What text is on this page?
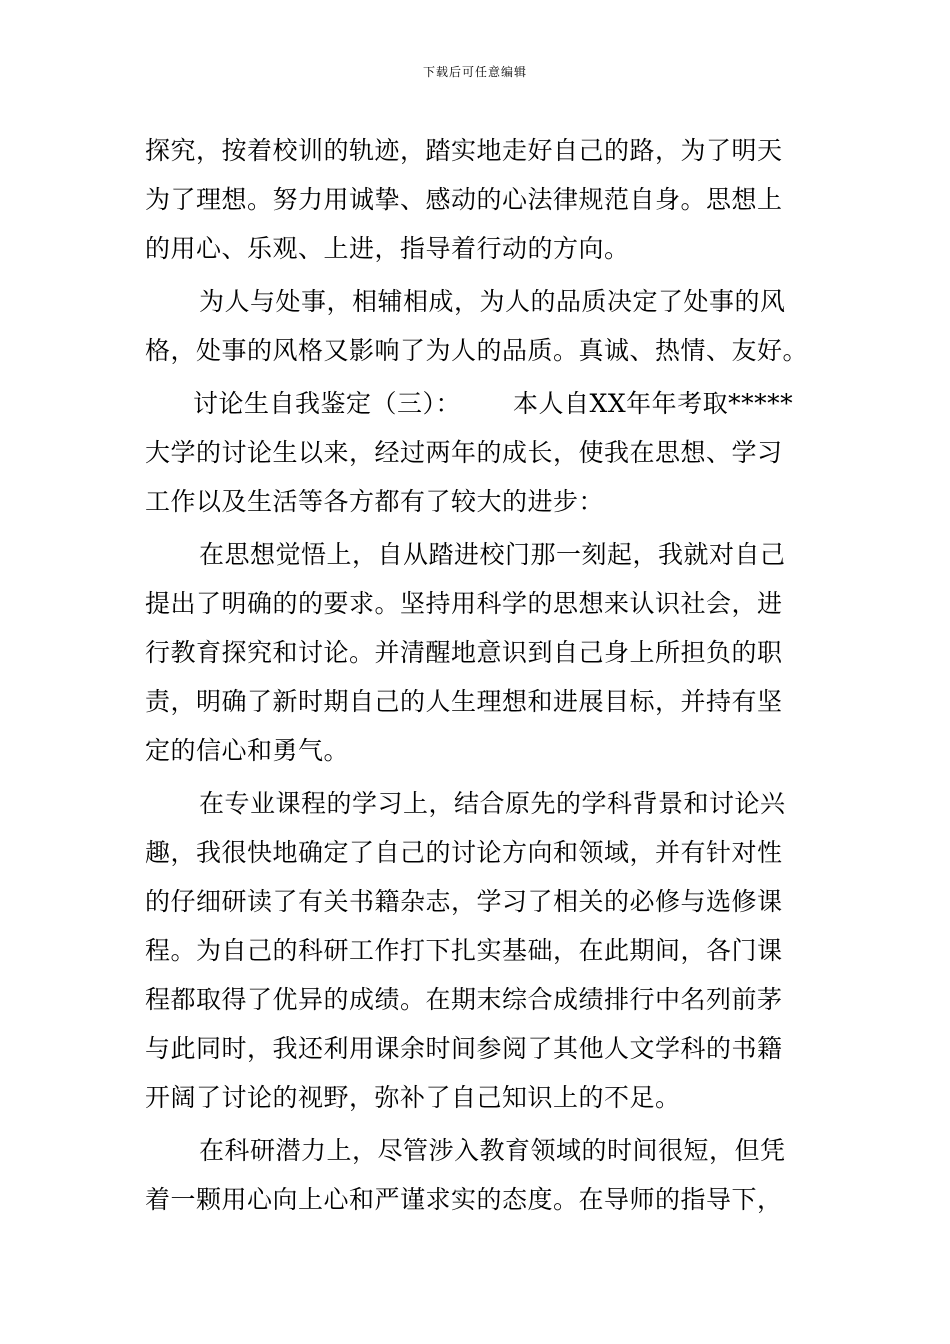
下载后可任意编辑
探究，按着校训的轨迹，踏实地走好自己的路，为了明天
为了理想。努力用诚挚、感动的心法律规范自身。思想上
的用心、乐观、上进，指导着行动的方向。
为人与处事，相辅相成，为人的品质决定了处事的风
格，处事的风格又影响了为人的品质。真诚、热情、友好。
讨论生自我鉴定（三）： 本人自XX年年考取*****
大学的讨论生以来，经过两年的成长，使我在思想、学习
工作以及生活等各方都有了较大的进步：
在思想觉悟上，自从踏进校门那一刻起，我就对自己
提出了明确的的要求。坚持用科学的思想来认识社会，进
行教育探究和讨论。并清醒地意识到自己身上所担负的职
责，明确了新时期自己的人生理想和进展目标，并持有坚
定的信心和勇气。
在专业课程的学习上，结合原先的学科背景和讨论兴
趣，我很快地确定了自己的讨论方向和领域，并有针对性
的仔细研读了有关书籍杂志，学习了相关的必修与选修课
程。为自己的科研工作打下扎实基础，在此期间，各门课
程都取得了优异的成绩。在期末综合成绩排行中名列前茅
与此同时，我还利用课余时间参阅了其他人文学科的书籍
开阔了讨论的视野，弥补了自己知识上的不足。
在科研潜力上，尽管涉入教育领域的时间很短，但凭
着一颗用心向上心和严谨求实的态度。在导师的指导下，
